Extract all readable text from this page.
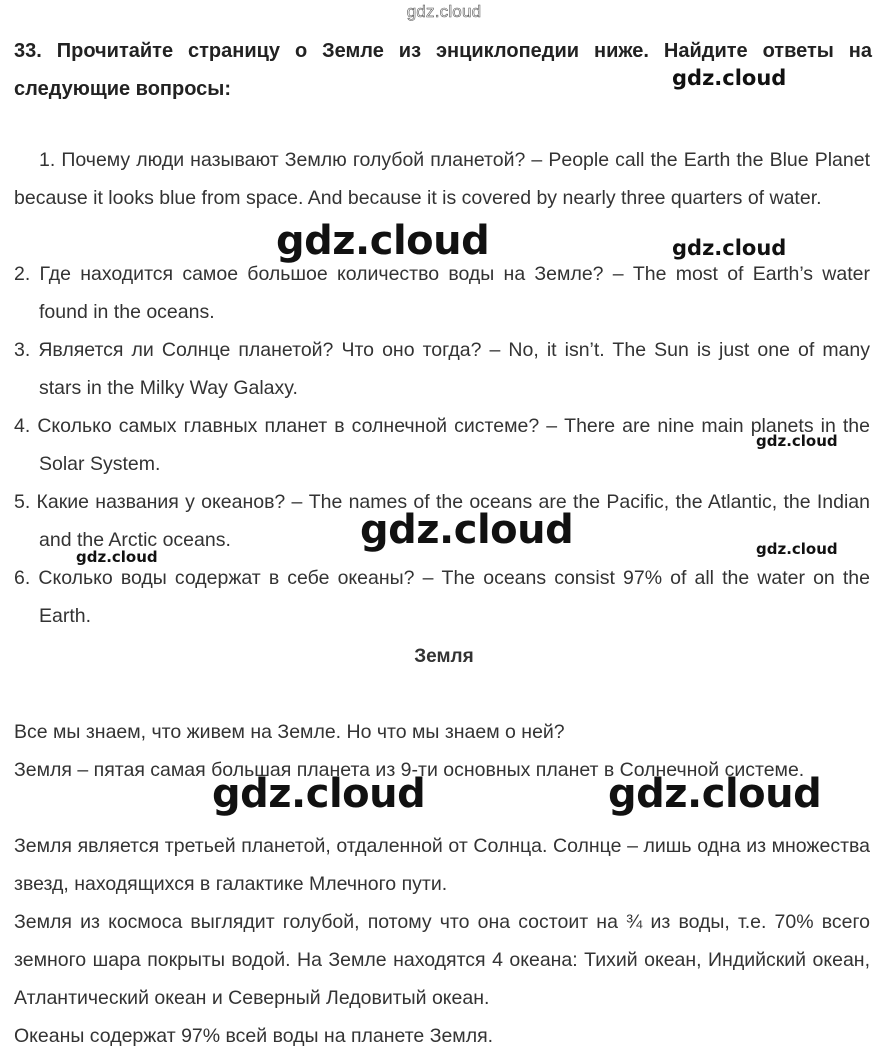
gdz.cloud
33. Прочитайте страницу о Земле из энциклопедии ниже. Найдите ответы на следующие вопросы:
1. Почему люди называют Землю голубой планетой? – People call the Earth the Blue Planet because it looks blue from space. And because it is covered by nearly three quarters of water.
2. Где находится самое большое количество воды на Земле? – The most of Earth’s water found in the oceans.
3. Является ли Солнце планетой? Что оно тогда? – No, it isn’t. The Sun is just one of many stars in the Milky Way Galaxy.
4. Сколько самых главных планет в солнечной системе? – There are nine main planets in the Solar System.
5. Какие названия у океанов? – The names of the oceans are the Pacific, the Atlantic, the Indian and the Arctic oceans.
6. Сколько воды содержат в себе океаны? – The oceans consist 97% of all the water on the Earth.
Земля
Все мы знаем, что живем на Земле. Но что мы знаем о ней?
Земля – пятая самая большая планета из 9-ти основных планет в Солнечной системе.
Земля является третьей планетой, отдаленной от Солнца. Солнце – лишь одна из множества звезд, находящихся в галактике Млечного пути.
Земля из космоса выглядит голубой, потому что она состоит на ¾ из воды, т.е. 70% всего земного шара покрыты водой. На Земле находятся 4 океана: Тихий океан, Индийский океан, Атлантический океан и Северный Ледовитый океан.
Океаны содержат 97% всей воды на планете Земля.
gdz.cloud
gdz.cloud	gdz.cloud
gdz.cloud
gdz.cloud	gdz.cloud
gdz.cloud
gdz.cloud	gdz.cloud
